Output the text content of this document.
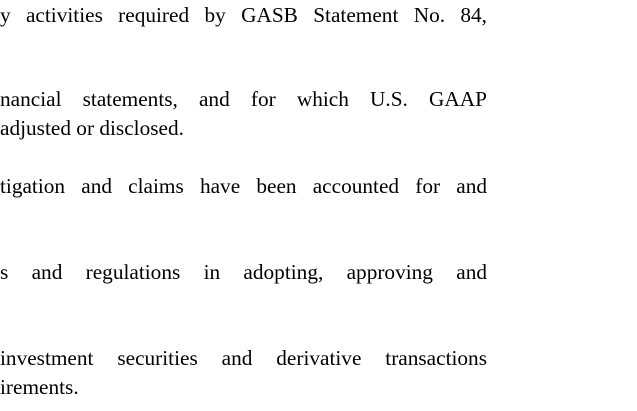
y activities required by GASB Statement No. 84,
nancial statements, and for which U.S. GAAP
adjusted or disclosed.
tigation and claims have been accounted for and
s and regulations in adopting, approving and
investment securities and derivative transactions
irements.
